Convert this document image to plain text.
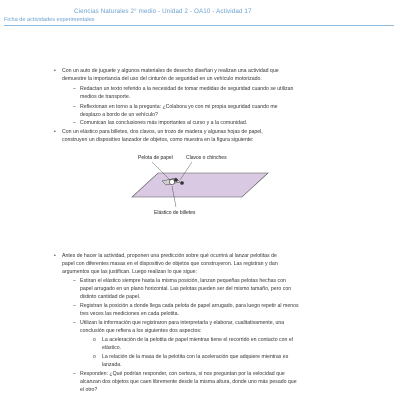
Ciencias Naturales 2° medio - Unidad 2 - OA10 - Actividad 17
Ficha de actividades experimentales
• Con un auto de juguete y algunos materiales de desecho diseñan y realizan una actividad que
demuestre la importancia del uso del cinturón de seguridad en un vehículo motorizado.
– Redactan un texto referido a la necesidad de tomar medidas de seguridad cuando se utilizan
medios de transporte.
– Reflexionan en torno a la pregunta: ¿Colabora yo con mi propia seguridad cuando me
desplazo a bordo de un vehículo?
– Comunican las conclusiones más importantes al curso y a la comunidad.
• Con un elástico para billetes, dos clavos, un trozo de madera y algunas hojas de papel,
construyen un dispositivo lanzador de objetos, como muestra en la figura siguiente:
• Antes de hacer la actividad, proponen una predicción sobre qué ocurrirá al lanzar pelotitas de
papel con diferentes masas en el dispositivo de objetos que construyeron. Las registran y dan
argumentos que las justifican. Luego realizan lo que sigue:
– Estiran el elástico siempre hasta la misma posición, lanzan pequeñas pelotas hechas con
papel arrugado en un plano horizontal. Las pelotas pueden ser del mismo tamaño, pero con
distinto cantidad de papel.
– Registran la posición a donde llega cada pelota de papel arrugado, para luego repetir al menos
tres veces las mediciones en cada pelotita.
– Utilizan la información que registraron para interpretarla y elaborar, cualitativamente, una
conclusión que refiera a los siguientes dos aspectos:
o La aceleración de la pelotita de papel mientras tiene el recorrido en contacto con el
elástico.
o La relación de la masa de la pelotita con la aceleración que adquiere mientras es
lanzada.
– Responden: ¿Qué podrían responder, con certeza, si nos preguntan por la velocidad que
alcanzan dos objetos que caen libremente desde la misma altura, donde uno más pesado que
el otro?
Pelota de papel	Clavos o chinches
Elástico de billetes
